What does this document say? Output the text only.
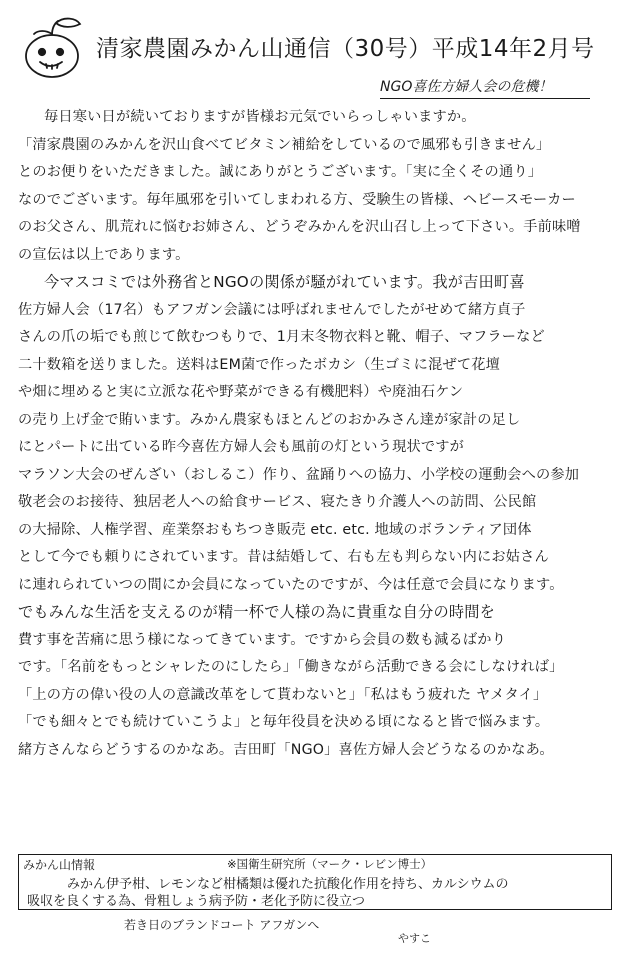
清家農園みかん山通信（30号）平成14年2月号
NGO喜佐方婦人会の危機！
毎日寒い日が続いておりますが皆様お元気でいらっしゃいますか。
「清家農園のみかんを沢山食べてビタミン補給をしているので風邪も引きません」
とのお便りをいただきました。誠にありがとうございます。「実に全くその通り」
なのでございます。毎年風邪を引いてしまわれる方、受験生の皆様、ヘビースモーカー
のお父さん、肌荒れに悩むお姉さん、どうぞみかんを沢山召し上って下さい。手前味噌
の宣伝は以上であります。
今マスコミでは外務省とNGOの関係が騒がれています。我が吉田町喜
佐方婦人会（17名）もアフガン会議には呼ばれませんでしたがせめて緒方貞子
さんの爪の垢でも煎じて飲むつもりで、1月末冬物衣料と靴、帽子、マフラーなど
二十数箱を送りました。送料はEM菌で作ったボカシ（生ゴミに混ぜて花壇
や畑に埋めると実に立派な花や野菜ができる有機肥料）や廃油石ケン
の売り上げ金で賄います。みかん農家もほとんどのおかみさん達が家計の足し
にとパートに出ている昨今喜佐方婦人会も風前の灯という現状ですが
マラソン大会のぜんざい（おしるこ）作り、盆踊りへの協力、小学校の運動会への参加
敬老会のお接待、独居老人への給食サービス、寝たきり介護人への訪問、公民館
の大掃除、人権学習、産業祭おもちつき販売 etc. etc. 地域のボランティア団体
として今でも頼りにされています。昔は結婚して、右も左も判らない内にお姑さん
に連れられていつの間にか会員になっていたのですが、今は任意で会員になります。
でもみんな生活を支えるのが精一杯で人様の為に貴重な自分の時間を
費す事を苦痛に思う様になってきています。ですから会員の数も減るばかり
です。「名前をもっとシャレたのにしたら」「働きながら活動できる会にしなければ」
「上の方の偉い役の人の意識改革をして貰わないと」「私はもう疲れた ヤメタイ」
「でも細々とでも続けていこうよ」と毎年役員を決める頃になると皆で悩みます。
緒方さんならどうするのかなあ。吉田町「NGO」喜佐方婦人会どうなるのかなあ。
みかん山情報	※国衛生研究所（マーク・レビン博士）
みかん伊予柑、レモンなど柑橘類は優れた抗酸化作用を持ち、カルシウムの
吸収を良くする為、骨粗しょう病予防・老化予防に役立つ
若き日のブランドコート アフガンへ
やすこ
